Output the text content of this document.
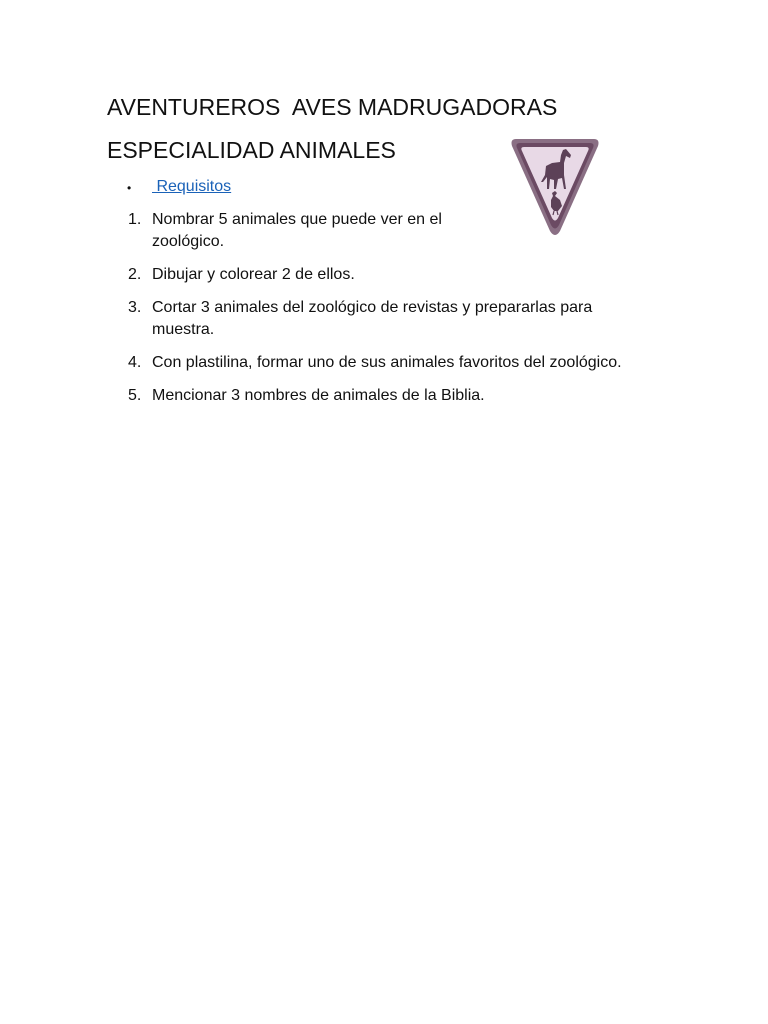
AVENTUREROS  AVES MADRUGADORAS
ESPECIALIDAD ANIMALES
• Requisitos
1. Nombrar 5 animales que puede ver en el zoológico.
2. Dibujar y colorear 2 de ellos.
3. Cortar 3 animales del zoológico de revistas y prepararlas para muestra.
4. Con plastilina, formar uno de sus animales favoritos del zoológico.
5. Mencionar 3 nombres de animales de la Biblia.
